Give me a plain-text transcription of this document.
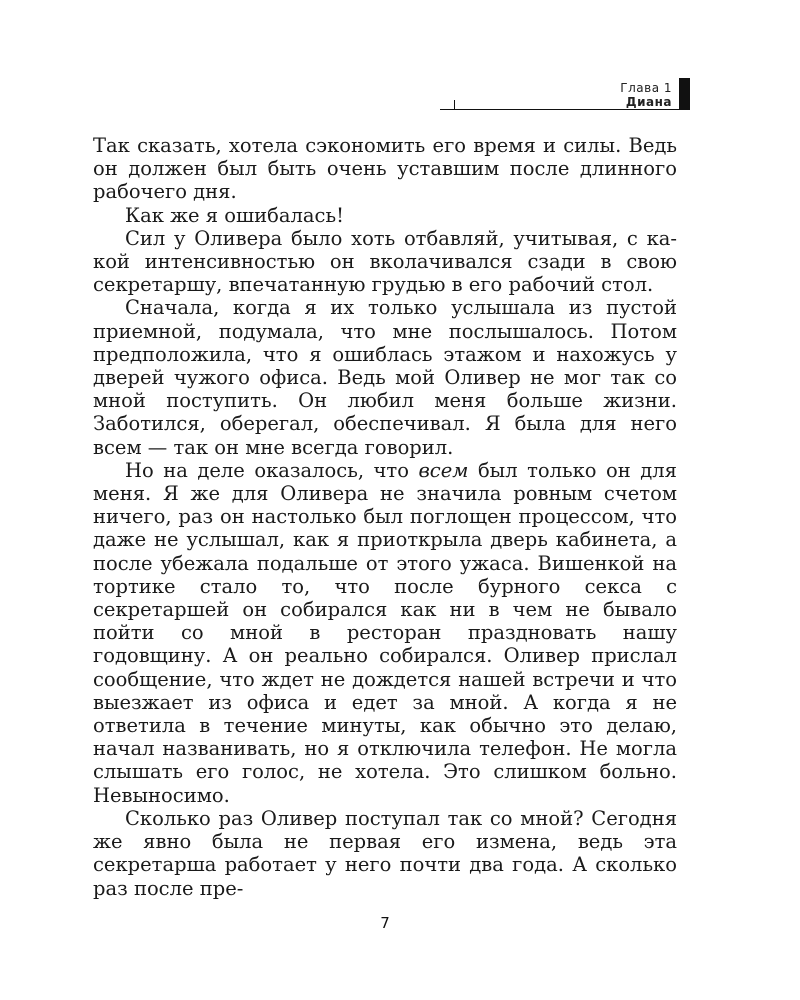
Глава 1
Диана

Так сказать, хотела сэкономить его время и силы. Ведь он должен был быть очень уставшим после длинного рабочего дня.

Как же я ошибалась!

Сил у Оливера было хоть отбавляй, учитывая, с какой интенсивностью он вколачивался сзади в свою секретаршу, впечатанную грудью в его рабочий стол.

Сначала, когда я их только услышала из пустой приемной, подумала, что мне послышалось. Потом предположила, что я ошиблась этажом и нахожусь у дверей чужого офиса. Ведь мой Оливер не мог так со мной поступить. Он любил меня больше жизни. Заботился, оберегал, обеспечивал. Я была для него всем — так он мне всегда говорил.

Но на деле оказалось, что всем был только он для меня. Я же для Оливера не значила ровным счетом ничего, раз он настолько был поглощен процессом, что даже не услышал, как я приоткрыла дверь кабинета, а после убежала подальше от этого ужаса. Вишенкой на тортике стало то, что после бурного секса с секретаршей он собирался как ни в чем не бывало пойти со мной в ресторан праздновать нашу годовщину. А он реально собирался. Оливер прислал сообщение, что ждет не дождется нашей встречи и что выезжает из офиса и едет за мной. А когда я не ответила в течение минуты, как обычно это делаю, начал названивать, но я отключила телефон. Не могла слышать его голос, не хотела. Это слишком больно. Невыносимо.

Сколько раз Оливер поступал так со мной? Сегодня же явно была не первая его измена, ведь эта секретарша работает у него почти два года. А сколько раз после пре-

7
